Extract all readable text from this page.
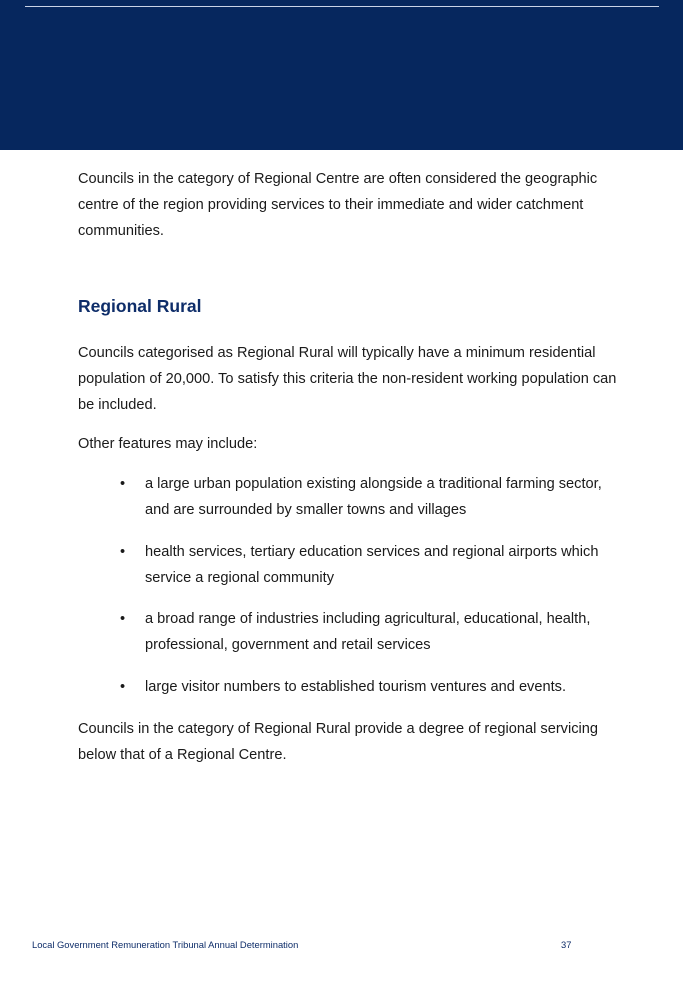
Councils in the category of Regional Centre are often considered the geographic centre of the region providing services to their immediate and wider catchment communities.

Regional Rural

Councils categorised as Regional Rural will typically have a minimum residential population of 20,000. To satisfy this criteria the non-resident working population can be included.

Other features may include:

• a large urban population existing alongside a traditional farming sector, and are surrounded by smaller towns and villages
• health services, tertiary education services and regional airports which service a regional community
• a broad range of industries including agricultural, educational, health, professional, government and retail services
• large visitor numbers to established tourism ventures and events.

Councils in the category of Regional Rural provide a degree of regional servicing below that of a Regional Centre.

Local Government Remuneration Tribunal Annual Determination	37
